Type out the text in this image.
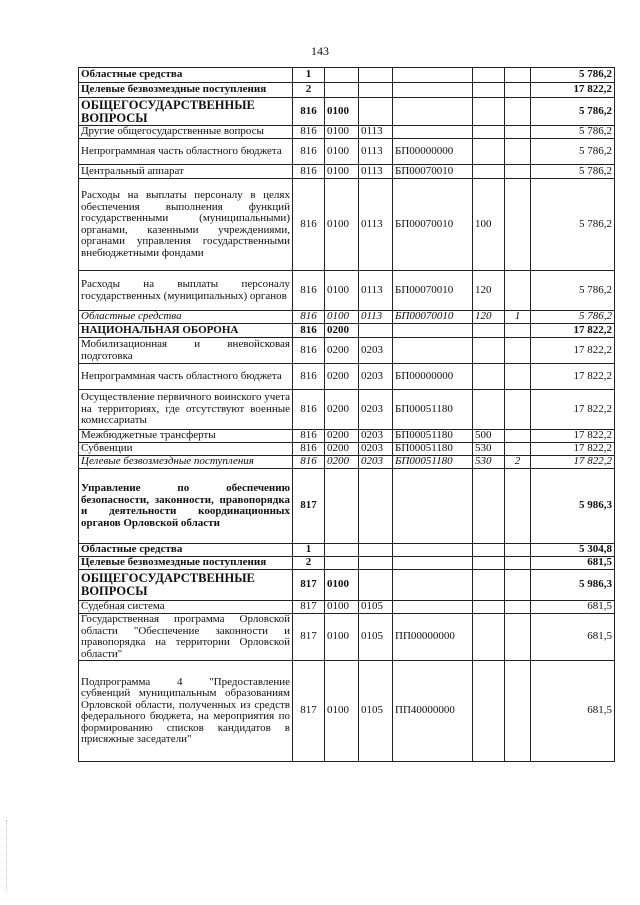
143
Областные средства	1						5 786,2
Целевые безвозмездные поступления	2						17 822,2
ОБЩЕГОСУДАРСТВЕННЫЕ ВОПРОСЫ	816	0100					5 786,2
Другие общегосударственные вопросы	816	0100	0113				5 786,2
Непрограммная часть областного бюджета	816	0100	0113	БП00000000			5 786,2
Центральный аппарат	816	0100	0113	БП00070010			5 786,2
Расходы на выплаты персоналу в целях обеспечения выполнения функций государственными (муниципальными) органами, казенными учреждениями, органами управления государственными внебюджетными фондами	816	0100	0113	БП00070010	100		5 786,2
Расходы на выплаты персоналу государственных (муниципальных) органов	816	0100	0113	БП00070010	120		5 786,2
Областные средства	816	0100	0113	БП00070010	120	1	5 786,2
НАЦИОНАЛЬНАЯ ОБОРОНА	816	0200					17 822,2
Мобилизационная и вневойсковая подготовка	816	0200	0203				17 822,2
Непрограммная часть областного бюджета	816	0200	0203	БП00000000			17 822,2
Осуществление первичного воинского учета на территориях, где отсутствуют военные комиссариаты	816	0200	0203	БП00051180			17 822,2
Межбюджетные трансферты	816	0200	0203	БП00051180	500		17 822,2
Субвенции	816	0200	0203	БП00051180	530		17 822,2
Целевые безвозмездные поступления	816	0200	0203	БП00051180	530	2	17 822,2
Управление по обеспечению безопасности, законности, правопорядка и деятельности координационных органов Орловской области	817						5 986,3
Областные средства	1						5 304,8
Целевые безвозмездные поступления	2						681,5
ОБЩЕГОСУДАРСТВЕННЫЕ ВОПРОСЫ	817	0100					5 986,3
Судебная система	817	0100	0105				681,5
Государственная программа Орловской области "Обеспечение законности и правопорядка на территории Орловской области"	817	0100	0105	ПП00000000			681,5
Подпрограмма 4 "Предоставление субвенций муниципальным образованиям Орловской области, полученных из средств федерального бюджета, на мероприятия по формированию списков кандидатов в присяжные заседатели"	817	0100	0105	ПП40000000			681,5
